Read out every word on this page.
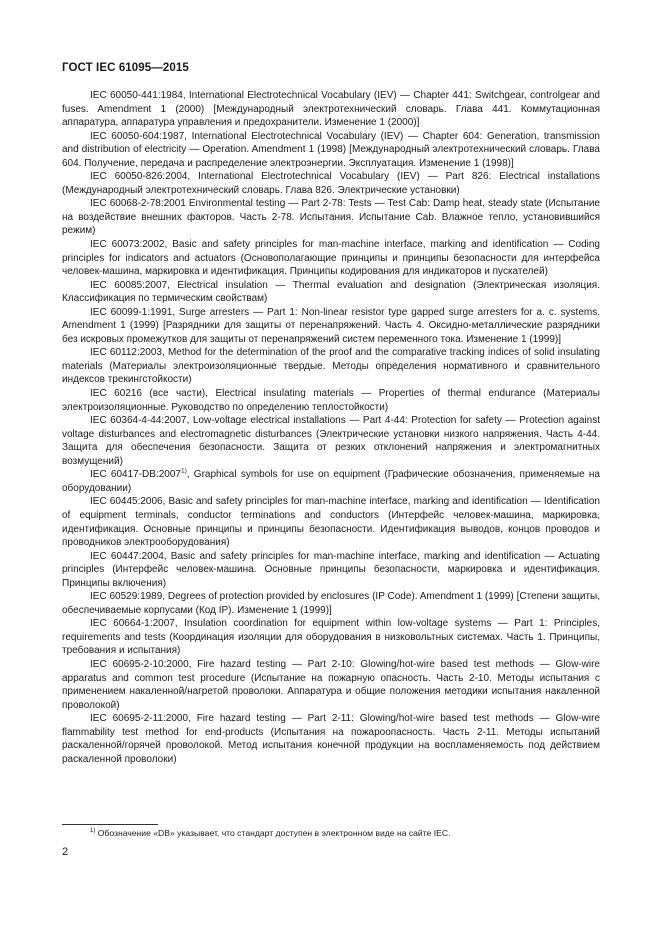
ГОСТ IEC 61095—2015

IEC 60050-441:1984, International Electrotechnical Vocabulary (IEV) — Chapter 441: Switchgear, controlgear and fuses. Amendment 1 (2000) [Международный электротехнический словарь. Глава 441. Коммутационная аппаратура, аппаратура управления и предохранители. Изменение 1 (2000)]

IEC 60050-604:1987, International Electrotechnical Vocabulary (IEV) — Chapter 604: Generation, transmission and distribution of electricity — Operation. Amendment 1 (1998) [Международный электротехнический словарь. Глава 604. Получение, передача и распределение электроэнергии. Эксплуатация. Изменение 1 (1998)]

IEC 60050-826:2004, International Electrotechnical Vocabulary (IEV) — Part 826: Electrical installations (Международный электротехнический словарь. Глава 826. Электрические установки)

IEC 60068-2-78:2001 Environmental testing — Part 2-78: Tests — Test Cab: Damp heat, steady state (Испытание на воздействие внешних факторов. Часть 2-78. Испытания. Испытание Cab. Влажное тепло, установившийся режим)

IEC 60073:2002, Basic and safety principles for man-machine interface, marking and identification — Coding principles for indicators and actuators (Основополагающие принципы и принципы безопасности для интерфейса человек-машина, маркировка и идентификация. Принципы кодирования для индикаторов и пускателей)

IEC 60085:2007, Electrical insulation — Thermal evaluation and designation (Электрическая изоляция. Классификация по термическим свойствам)

IEC 60099-1:1991, Surge arresters — Part 1: Non-linear resistor type gapped surge arresters for a. c. systems. Amendment 1 (1999) [Разрядники для защиты от перенапряжений. Часть 4. Оксидно-металлические разрядники без искровых промежутков для защиты от перенапряжений систем переменного тока. Изменение 1 (1999)]

IEC 60112:2003, Method for the determination of the proof and the comparative tracking indices of solid insulating materials (Материалы электроизоляционные твердые. Методы определения нормативного и сравнительного индексов трекингстойкости)

IEC 60216 (все части), Electrical insulating materials — Properties of thermal endurance (Материалы электроизоляционные. Руководство по определению теплостойкости)

IEC 60364-4-44:2007, Low-voltage electrical installations — Part 4-44: Protection for safety — Protection against voltage disturbances and electromagnetic disturbances (Электрические установки низкого напряжения. Часть 4-44. Защита для обеспечения безопасности. Защита от резких отклонений напряжения и электромагнитных возмущений)

IEC 60417-DB:2007$^{1)}$, Graphical symbols for use on equipment (Графические обозначения, применяемые на оборудовании)

IEC 60445:2006, Basic and safety principles for man-machine interface, marking and identification — Identification of equipment terminals, conductor terminations and conductors (Интерфейс человек-машина, маркировка, идентификация. Основные принципы и принципы безопасности. Идентификация выводов, концов проводов и проводников электрооборудования)

IEC 60447:2004, Basic and safety principles for man-machine interface, marking and identification — Actuating principles (Интерфейс человек-машина. Основные принципы безопасности, маркировка и идентификация. Принципы включения)

IEC 60529:1989, Degrees of protection provided by enclosures (IP Code). Amendment 1 (1999) [Степени защиты, обеспечиваемые корпусами (Код IP). Изменение 1 (1999)]

IEC 60664-1:2007, Insulation coordination for equipment within low-voltage systems — Part 1: Principles, requirements and tests (Координация изоляции для оборудования в низковольтных системах. Часть 1. Принципы, требования и испытания)

IEC 60695-2-10:2000, Fire hazard testing — Part 2-10: Glowing/hot-wire based test methods — Glow-wire apparatus and common test procedure (Испытание на пожарную опасность. Часть 2-10. Методы испытания с применением накаленной/нагретой проволоки. Аппаратура и общие положения методики испытания накаленной проволокой)

IEC 60695-2-11:2000, Fire hazard testing — Part 2-11: Glowing/hot-wire based test methods — Glow-wire flammability test method for end-products (Испытания на пожароопасность. Часть 2-11. Методы испытаний раскаленной/горячей проволокой. Метод испытания конечной продукции на воспламеняемость под действием раскаленной проволоки)

$^{1)}$ Обозначение «DB» указывает, что стандарт доступен в электронном виде на сайте IEC.
2
